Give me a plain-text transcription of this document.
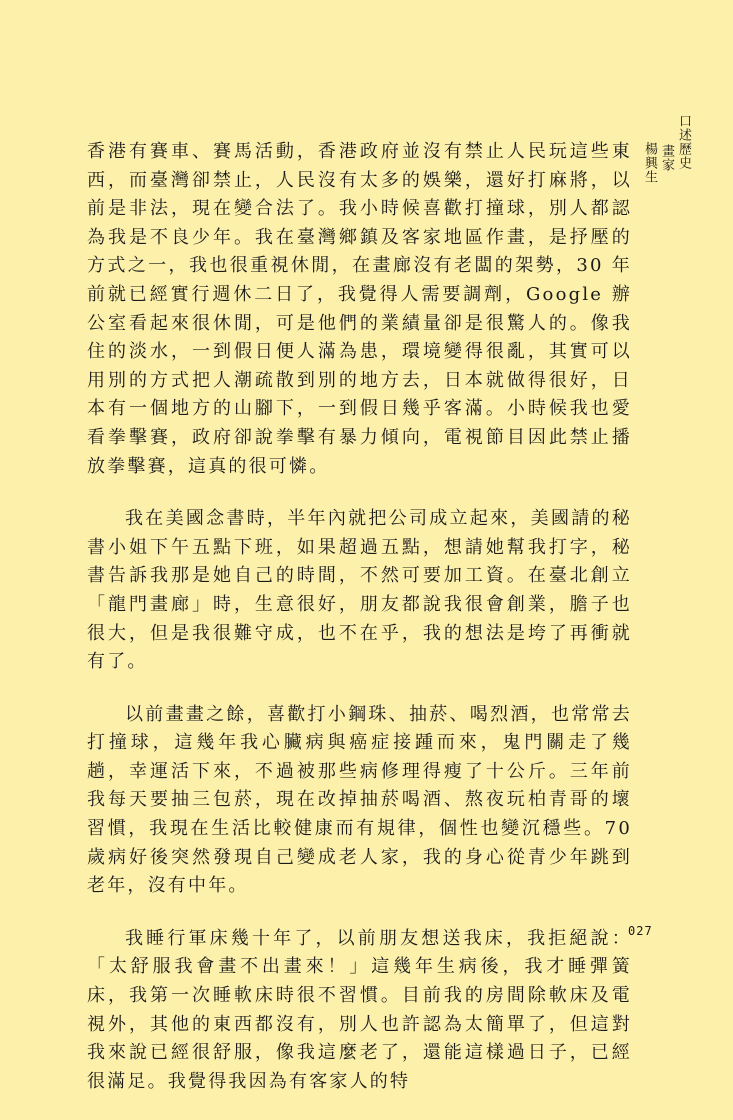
香港有賽車、賽馬活動，香港政府並沒有禁止人民玩這些東西，而臺灣卻禁止，人民沒有太多的娛樂，還好打麻將，以前是非法，現在變合法了。我小時候喜歡打撞球，別人都認為我是不良少年。我在臺灣鄉鎮及客家地區作畫，是抒壓的方式之一，我也很重視休閒，在畫廊沒有老闆的架勢，30 年前就已經實行週休二日了，我覺得人需要調劑，Google 辦公室看起來很休閒，可是他們的業績量卻是很驚人的。像我住的淡水，一到假日便人滿為患，環境變得很亂，其實可以用別的方式把人潮疏散到別的地方去，日本就做得很好，日本有一個地方的山腳下，一到假日幾乎客滿。小時候我也愛看拳擊賽，政府卻說拳擊有暴力傾向，電視節目因此禁止播放拳擊賽，這真的很可憐。

我在美國念書時，半年內就把公司成立起來，美國請的秘書小姐下午五點下班，如果超過五點，想請她幫我打字，秘書告訴我那是她自己的時間，不然可要加工資。在臺北創立「龍門畫廊」時，生意很好，朋友都說我很會創業，膽子也很大，但是我很難守成，也不在乎，我的想法是垮了再衝就有了。

以前畫畫之餘，喜歡打小鋼珠、抽菸、喝烈酒，也常常去打撞球，這幾年我心臟病與癌症接踵而來，鬼門關走了幾趟，幸運活下來，不過被那些病修理得瘦了十公斤。三年前我每天要抽三包菸，現在改掉抽菸喝酒、熬夜玩柏青哥的壞習慣，我現在生活比較健康而有規律，個性也變沉穩些。70 歲病好後突然發現自己變成老人家，我的身心從青少年跳到老年，沒有中年。

我睡行軍床幾十年了，以前朋友想送我床，我拒絕說：「太舒服我會畫不出畫來！」這幾年生病後，我才睡彈簧床，我第一次睡軟床時很不習慣。目前我的房間除軟床及電視外，其他的東西都沒有，別人也許認為太簡單了，但這對我來說已經很舒服，像我這麼老了，還能這樣過日子，已經很滿足。我覺得我因為有客家人的特

口述歷史
畫家
楊興生
027
